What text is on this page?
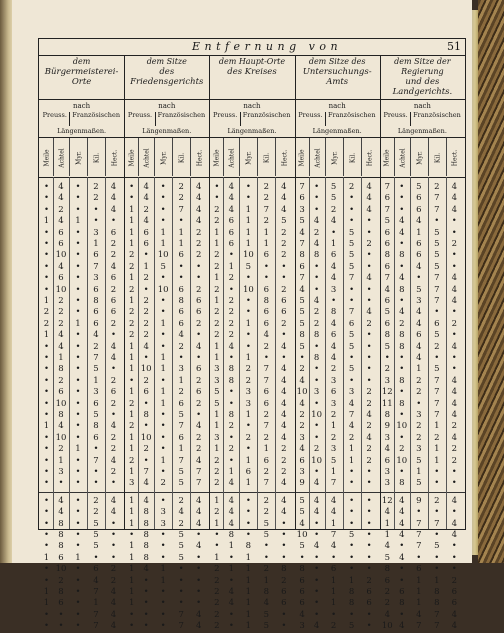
Entfernung von	51
dem
Bürgermeisterei-Orte
nach
Preuss. Französischen
Längenmaßen.
Meile Achtel Myr. Kil. Hect.
dem Sitze
des Friedensgerichts
nach
Preuss. Französischen
Längenmaßen.
Meile Achtel Myr. Kil. Hect.
dem Haupt-Orte
des Kreises
nach
Preuss. Französischen
Längenmaßen.
Meile Achtel Myr. Kil. Hect.
dem Sitze des
Untersuchungs-Amts
nach
Preuss. Französischen
Längenmaßen.
Meile Achtel Myr. Kil. Hect.
dem Sitze der Regierung
und des Landgerichts.
nach
Preuss. Französischen
Längenmaßen.
Meile Achtel Myr. Kil. Hect.
•	4	•	2	4	•	4	•	2	4	•	4	•	2	4	7	•	5	2	4	7	•	5	2	4
•	4	•	2	4	•	4	•	2	4	•	4	•	2	4	6	•	5	•	4	6	•	6	7	4
•	2	•	•	4	1	2	•	7	4	2	4	1	7	4	3	•	2	•	4	7	•	6	7	4
1	4	1	•	•	1	4	•	•	4	2	6	1	2	5	5	4	4	•	•	5	4	4	•	•
•	6	•	3	6	1	6	1	1	2	1	6	1	1	2	4	2	•	5	•	6	4	1	5	•
•	6	•	1	2	1	6	1	1	2	1	6	1	1	2	7	4	1	5	2	6	•	6	5	2
• 10	•	6	2	2	•	10	6	2	2	•	10	6	2	8	8	6	5	•	8	8	6	5	•
•	4	•	7	4	2	1	5	•	•	2	1	5	•	•	6	•	4	5	•	6	•	4	5	•
•	6	•	3	6	1	2	•	•	•	1	2	•	•	•	7	•	4	7	4	7	4	•	7	4
• 10	•	6	2	2	•	10	6	2	2	•	10	6	2	4	•	3	•	•	4	8	5	7	4
1	2	•	8	6	1	2	•	8	6	1	2	•	8	6	5	4	•	•	•	6	•	3	7	4
2	2	•	6	6	2	2	•	6	6	2	2	•	6	6	5	2	8	7	4	5	4	4	•	•
2	2	1	6	2	2	2	1	6	2	2	2	1	6	2	5	2	4	6	2	6	2	4	6	2
1	4	•	4	•	2	2	•	4	•	2	2	•	4	•	8	8	6	5	•	8	8	6	5	•
•	4	•	2	4	1	4	•	2	4	1	4	•	2	4	5	•	4	5	•	5	8	4	2	4
•	1	•	7	4	1	•	1	•	•	1	•	1	•	•	•	8	4	•	•	•	•	4	•	•
•	8	•	5	•	1 10	1	3	6	3	8	2	7	4	2	•	2	5	•	2	•	1	5	•
•	2	•	1	2	•	2	•	1	2	3	8	2	7	4	4	•	3	•	•	3	8	2	7	4
•	6	•	3	6	1	6	1	2	6	5	•	3	6	4	10 3	6	3	2	12 •	2	7	4
• 10	•	6	2	2	•	1	6	2	5	•	3	6	4	4	•	3	4	2	11 8	•	7	4
•	8	•	5	•	1	8	•	5	•	1	8	1	2	4	2 10	2	7	4	8	•	3	7	4
1	4	•	8	4	2	•	•	7	4	1	2	•	7	4	2	•	1	4	2	9 10	2	1	2
• 10	•	6	2	1 10	•	6	2	3	•	2	2	4	3	•	2	2	4	3	•	2	2	4
•	2	1	•	2	1	2	•	1	2	1	2	•	1	2	4	2	3	1	2	4	2	3	1	2
•	1	•	7	4	2	•	1	7	4	2	•	1	6	2	6 10	5	1	2	6 10	5	1	2
•	3	•	•	2	1	7	•	5	7	2	1	6	2	2	3	•	1	•	•	3	•	1	•	•
•	•	•	•	•	3	4	2	5	7	2	4	1	7	4	9	4	7	•	•	3	8	5	•	•
•	4	•	2	4	1	4	•	2	4	1	4	•	2	4	5	4	4	•	•	12 4	9	2	4
•	4	•	2	4	1	8	3	4	4	2	4	•	2	4	5	4	4	•	•	4	4	•	•	•
•	8	•	5	•	1	8	3	2	4	1	4	•	5	•	4	•	1	•	•	1	4	7	7	4
•	8	•	5	•	•	8	•	5	•	•	8	•	5	•	10 •	7	5	•	1	4	7	•	4
•	8	•	5	•	1	8	•	5	4	•	1	8	•	•	5	4	4	•	•	4	•	7	5	•
1	6	1	•	•	1	8	•	5	•	1	•	1	•	•	•	•	•	•	•	5	4	•	•	•
• 10	•	6	2	1	4	1	•	•	2	1	1	2	8	8	•	6	•	•	8	•	6	•	•
•	2	•	4	2	1	•	1	•	•	2	•	1	1	2	6	•	1	1	2	6	•	1	1	2
1	8	•	7	4	1	•	•	•	•	2	4	1	8	6	6	•	1	8	6	2	6	1	8	6
1	6	•	1	4	1	•	•	•	•	2	4	1	4	6	6	•	1	8	6	2	8	1	8	6
•	•	•	7	4	•	•	•	7	4	2	•	1	5	•	4	•	•	•	•	4	•	4	7	4
•	•	•	7	4	•	•	•	7	4	2	•	1	5	•	3	4	2	5	•	10 4	7	7	4
